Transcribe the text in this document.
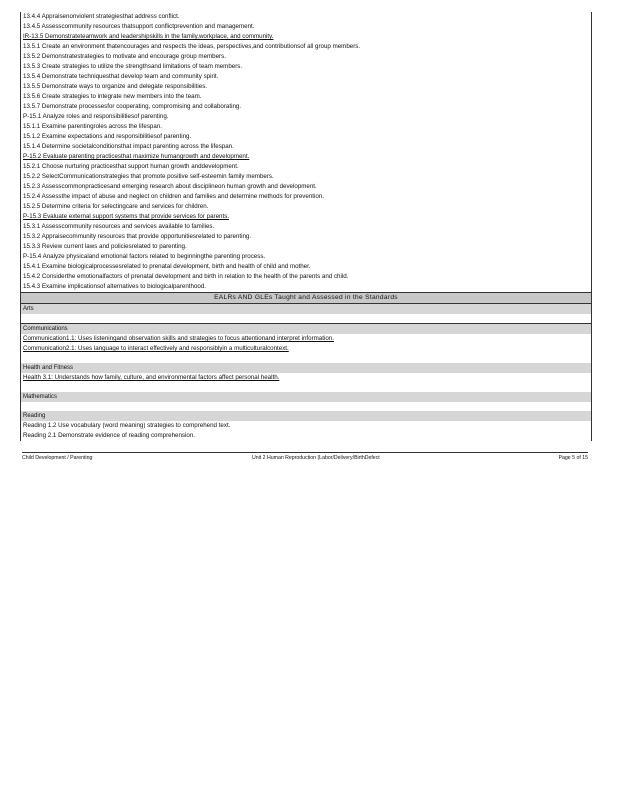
13.4.4 Appraisenonviolent strategiesthat address conflict.
13.4.5 Assesscommunity resources thatsupport conflictprevention and management.
IR-13.5 Demonstrateteamwork and leadershipskills in the family,workplace, and community.
13.5.1 Create an environment thatencourages and respects the ideas, perspectives,and contributionsof all group members.
13.5.2 Demonstratestrategies to motivate and encourage group members.
13.5.3 Create strategies to utilize the strengthsand limitations of team members.
13.5.4 Demonstrate techniquesthat develop team and community spirit.
13.5.5 Demonstrate ways to organize and delegate responsibilities.
13.5.6 Create strategies to integrate new members into the team.
13.5.7 Demonstrate processesfor cooperating, compromising and collaborating.
P-15.1 Analyze roles and responsibilitiesof parenting.
15.1.1 Examine parentingroles across the lifespan.
15.1.2 Examine expectations and responsibilitiesof parenting.
15.1.4 Determine societalconditionsthat impact parenting across the lifespan.
P-15.2 Evaluate parenting practicesthat maximize humangrowth and development.
15.2.1 Choose nurturing practicesthat support human growth anddevelopment.
15.2.2 SelectCommunicationstrategies that promote positive self-esteemin family members.
15.2.3 Assesscommonpracticesand emerging research about disciplineon human growth and development.
15.2.4 Assessthe impact of abuse and neglect on children and families and determine methods for prevention.
15.2.5 Determine criteria for selectingcare and services for children.
P-15.3 Evaluate external support systems that provide services for parents.
15.3.1 Assesscommunity resources and services available to families.
15.3.2 Appraisecommunity resources that provide opportunitiesrelated to parenting.
15.3.3 Review current laws and policiesrelated to parenting.
P-15.4 Analyze physicaland emotional factors related to beginningthe parenting process.
15.4.1 Examine biologicalprocessesrelated to prenatal development, birth and health of child and mother.
15.4.2 Considerthe emotionalfactors of prenatal development and birth in relation to the health of the parents and child.
15.4.3 Examine implicationsof alternatives to biologicalparenthood.
EALRs AND GLEs Taught and Assessed in the Standards
Arts
Communications
Communication1.1: Uses listeningand observation skills and strategies to focus attentionand interpret information.
Communication2.1: Uses language to interact effectively and responsiblyin a multiculturalcontext.
Health and Fitness
Health 3.1: Understands how family, culture, and environmental factors affect personal health.
Mathematics
Reading
Reading 1.2 Use vocabulary (word meaning) strategies to comprehend text.
Reading 2.1 Demonstrate evidence of reading comprehension.
Child Development / Parenting	Unit 2 Human Reproduction (Labor/Delivery/BirthDefect	Page 5 of 15
